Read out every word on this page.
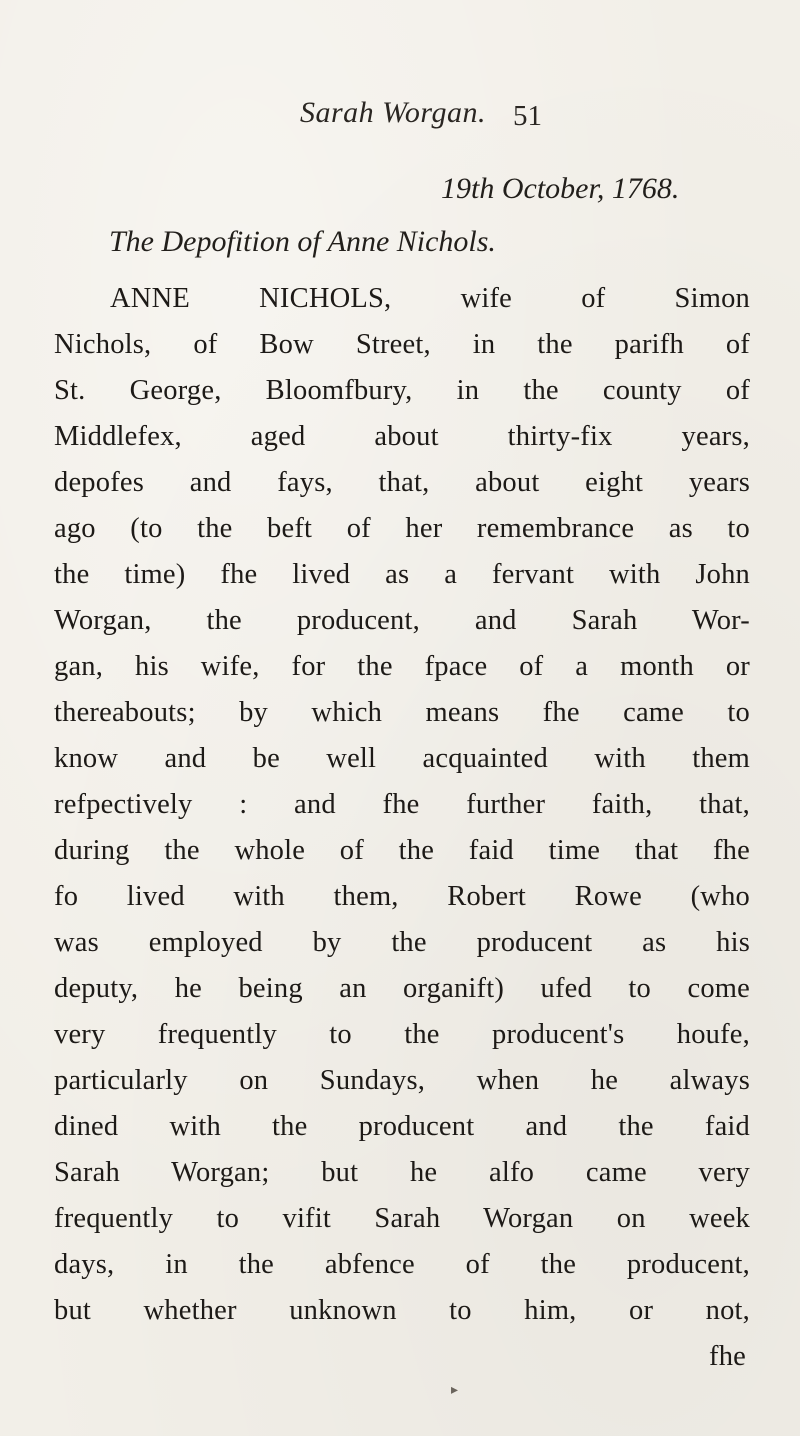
Sarah Worgan. 51
19th October, 1768.
The Depofition of Anne Nichols.
ANNE NICHOLS, wife of Simon
Nichols, of Bow Street, in the parifh of
St. George, Bloomfbury, in the county of
Middlefex, aged about thirty-fix years,
depofes and fays, that, about eight years
ago (to the beft of her remembrance as to
the time) fhe lived as a fervant with John
Worgan, the producent, and Sarah Wor-
gan, his wife, for the fpace of a month or
thereabouts; by which means fhe came to
know and be well acquainted with them
refpectively : and fhe further faith, that,
during the whole of the faid time that fhe
fo lived with them, Robert Rowe (who
was employed by the producent as his
deputy, he being an organift) ufed to come
very frequently to the producent's houfe,
particularly on Sundays, when he always
dined with the producent and the faid
Sarah Worgan; but he alfo came very
frequently to vifit Sarah Worgan on week
days, in the abfence of the producent,
but whether unknown to him, or not,
fhe
▸
